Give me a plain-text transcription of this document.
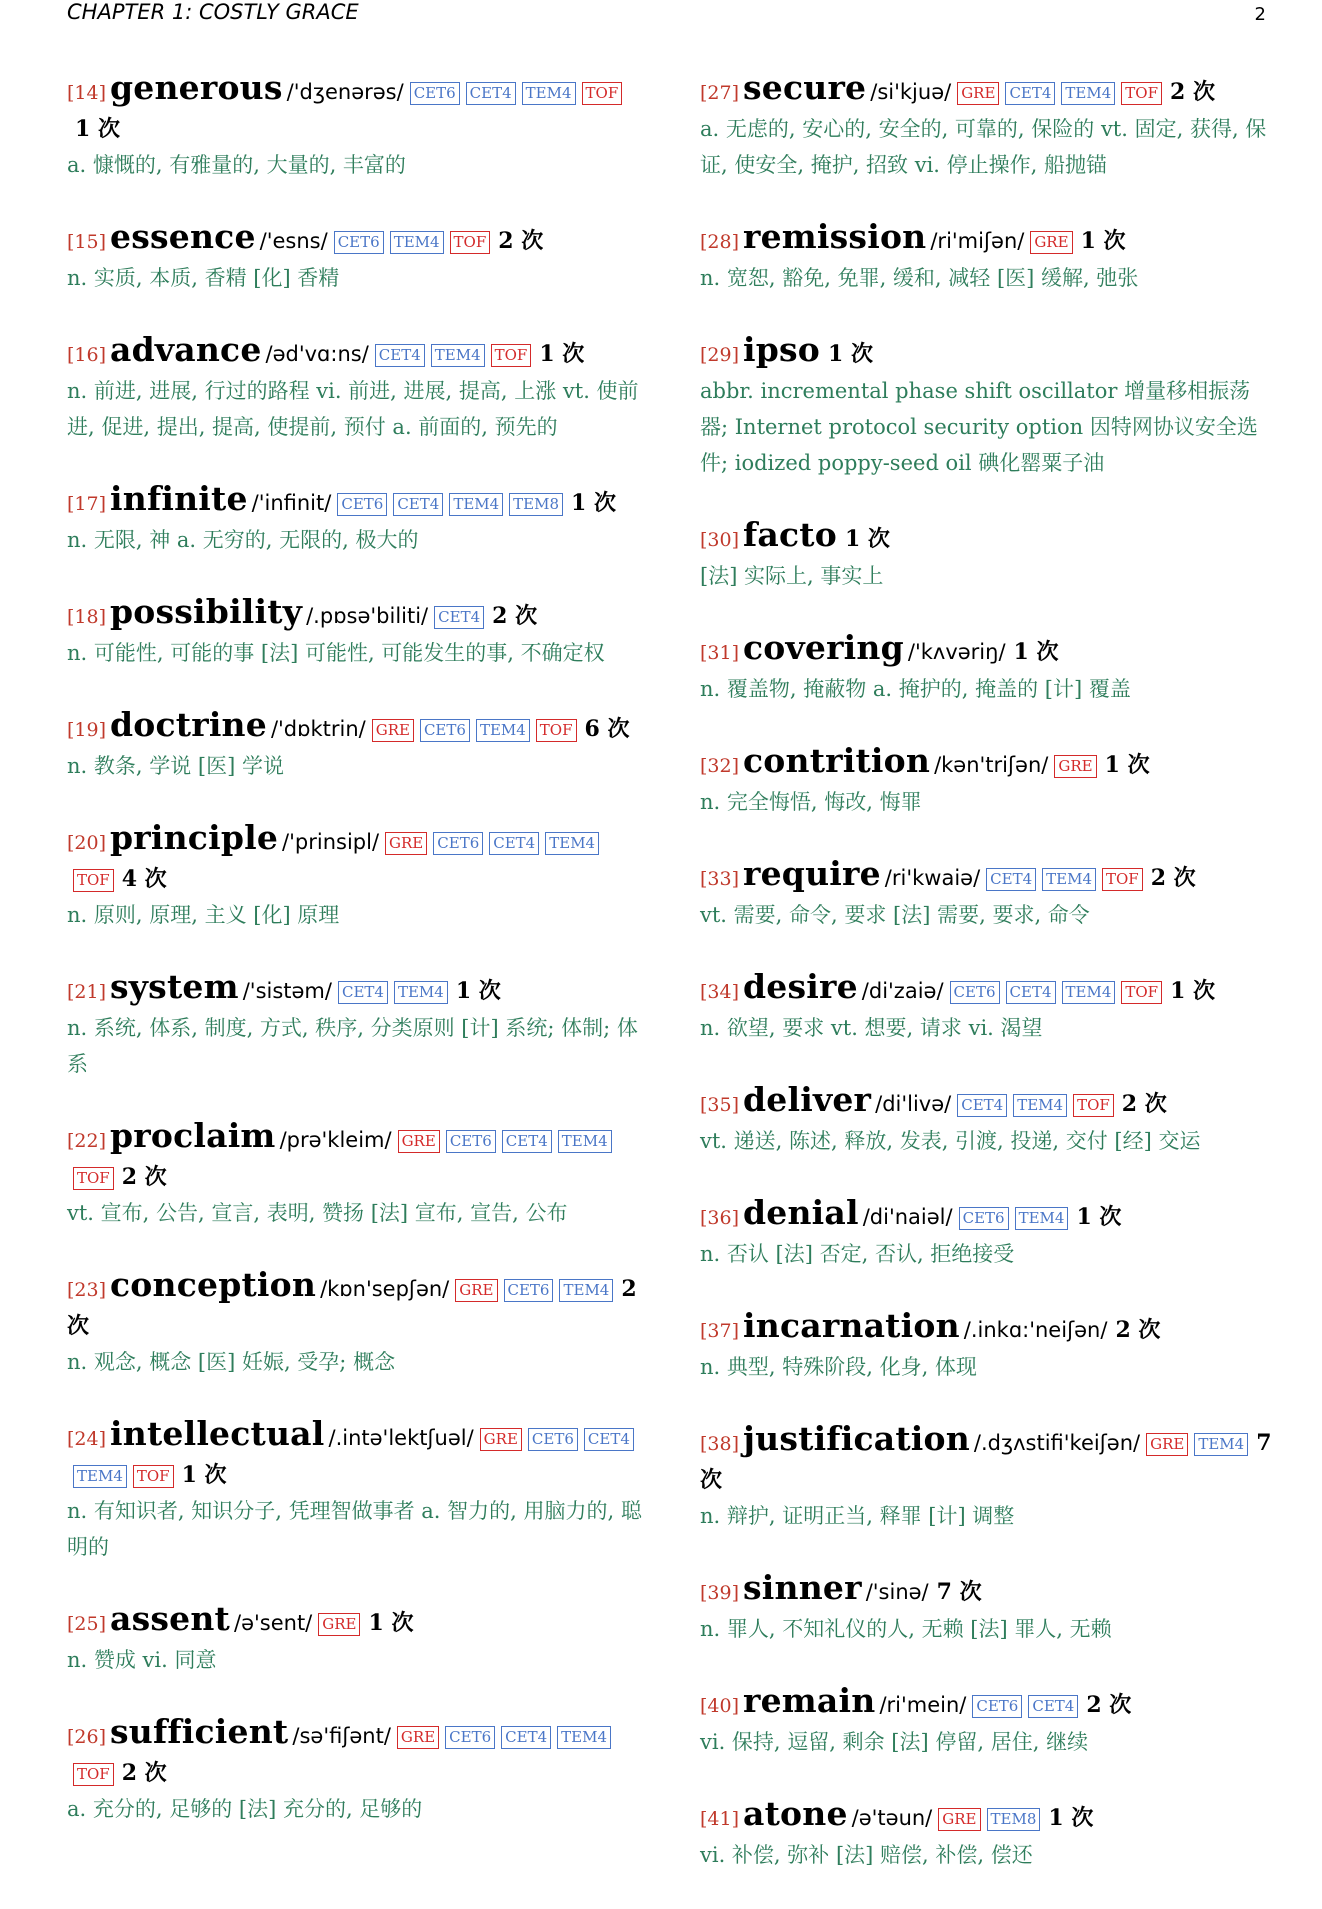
CHAPTER 1: COSTLY GRACE	2
[14] generous /'dʒenərəs/ CET6 CET4 TEM4 TOF1 次
a. 慷慨的, 有雅量的, 大量的, 丰富的
[15] essence /'esns/ CET6 TEM4 TOF 2 次
n. 实质, 本质, 香精 [化] 香精
[16] advance /əd'vɑ:ns/ CET4 TEM4 TOF 1 次
n. 前进, 进展, 行过的路程 vi. 前进, 进展, 提高, 上涨 vt. 使前进, 促进, 提出, 提高, 使提前, 预付 a. 前面的, 预先的
[17] infinite /'infinit/ CET6 CET4 TEM4 TEM8 1 次
n. 无限, 神 a. 无穷的, 无限的, 极大的
[18] possibility /.pɒsə'biliti/ CET4 2 次
n. 可能性, 可能的事 [法] 可能性, 可能发生的事, 不确定权
[19] doctrine /'dɒktrin/ GRE CET6 TEM4 TOF 6 次
n. 教条, 学说 [医] 学说
[20] principle /'prinsipl/ GRE CET6 CET4 TEM4TOF 4 次
n. 原则, 原理, 主义 [化] 原理
[21] system /'sistəm/ CET4 TEM4 1 次
n. 系统, 体系, 制度, 方式, 秩序, 分类原则 [计] 系统; 体制; 体系
[22] proclaim /prə'kleim/ GRE CET6 CET4 TEM4TOF 2 次
vt. 宣布, 公告, 宣言, 表明, 赞扬 [法] 宣布, 宣告, 公布
[23] conception /kɒn'sepʃən/ GRE CET6 TEM4 2 次
n. 观念, 概念 [医] 妊娠, 受孕; 概念
[24] intellectual /.intə'lektʃuəl/ GRE CET6 CET4TEM4 TOF 1 次
n. 有知识者, 知识分子, 凭理智做事者 a. 智力的, 用脑力的, 聪明的
[25] assent /ə'sent/ GRE 1 次
n. 赞成 vi. 同意
[26] sufficient /sə'fiʃənt/ GRE CET6 CET4 TEM4TOF 2 次
a. 充分的, 足够的 [法] 充分的, 足够的
[27] secure /si'kjuə/ GRE CET4 TEM4 TOF 2 次
a. 无虑的, 安心的, 安全的, 可靠的, 保险的 vt. 固定, 获得, 保证, 使安全, 掩护, 招致 vi. 停止操作, 船抛锚
[28] remission /ri'miʃən/ GRE 1 次
n. 宽恕, 豁免, 免罪, 缓和, 减轻 [医] 缓解, 弛张
[29] ipso 1 次
abbr. incremental phase shift oscillator 增量移相振荡器; Internet protocol security option 因特网协议安全选件; iodized poppy-seed oil 碘化罂粟子油
[30] facto 1 次
[法] 实际上, 事实上
[31] covering /'kʌvəriŋ/ 1 次
n. 覆盖物, 掩蔽物 a. 掩护的, 掩盖的 [计] 覆盖
[32] contrition /kən'triʃən/ GRE 1 次
n. 完全悔悟, 悔改, 悔罪
[33] require /ri'kwaiə/ CET4 TEM4 TOF 2 次
vt. 需要, 命令, 要求 [法] 需要, 要求, 命令
[34] desire /di'zaiə/ CET6 CET4 TEM4 TOF 1 次
n. 欲望, 要求 vt. 想要, 请求 vi. 渴望
[35] deliver /di'livə/ CET4 TEM4 TOF 2 次
vt. 递送, 陈述, 释放, 发表, 引渡, 投递, 交付 [经] 交运
[36] denial /di'naiəl/ CET6 TEM4 1 次
n. 否认 [法] 否定, 否认, 拒绝接受
[37] incarnation /.inkɑ:'neiʃən/ 2 次
n. 典型, 特殊阶段, 化身, 体现
[38] justification /.dʒʌstifi'keiʃən/ GRE TEM4 7 次
n. 辩护, 证明正当, 释罪 [计] 调整
[39] sinner /'sinə/ 7 次
n. 罪人, 不知礼仪的人, 无赖 [法] 罪人, 无赖
[40] remain /ri'mein/ CET6 CET4 2 次
vi. 保持, 逗留, 剩余 [法] 停留, 居住, 继续
[41] atone /ə'təun/ GRE TEM8 1 次
vi. 补偿, 弥补 [法] 赔偿, 补偿, 偿还
